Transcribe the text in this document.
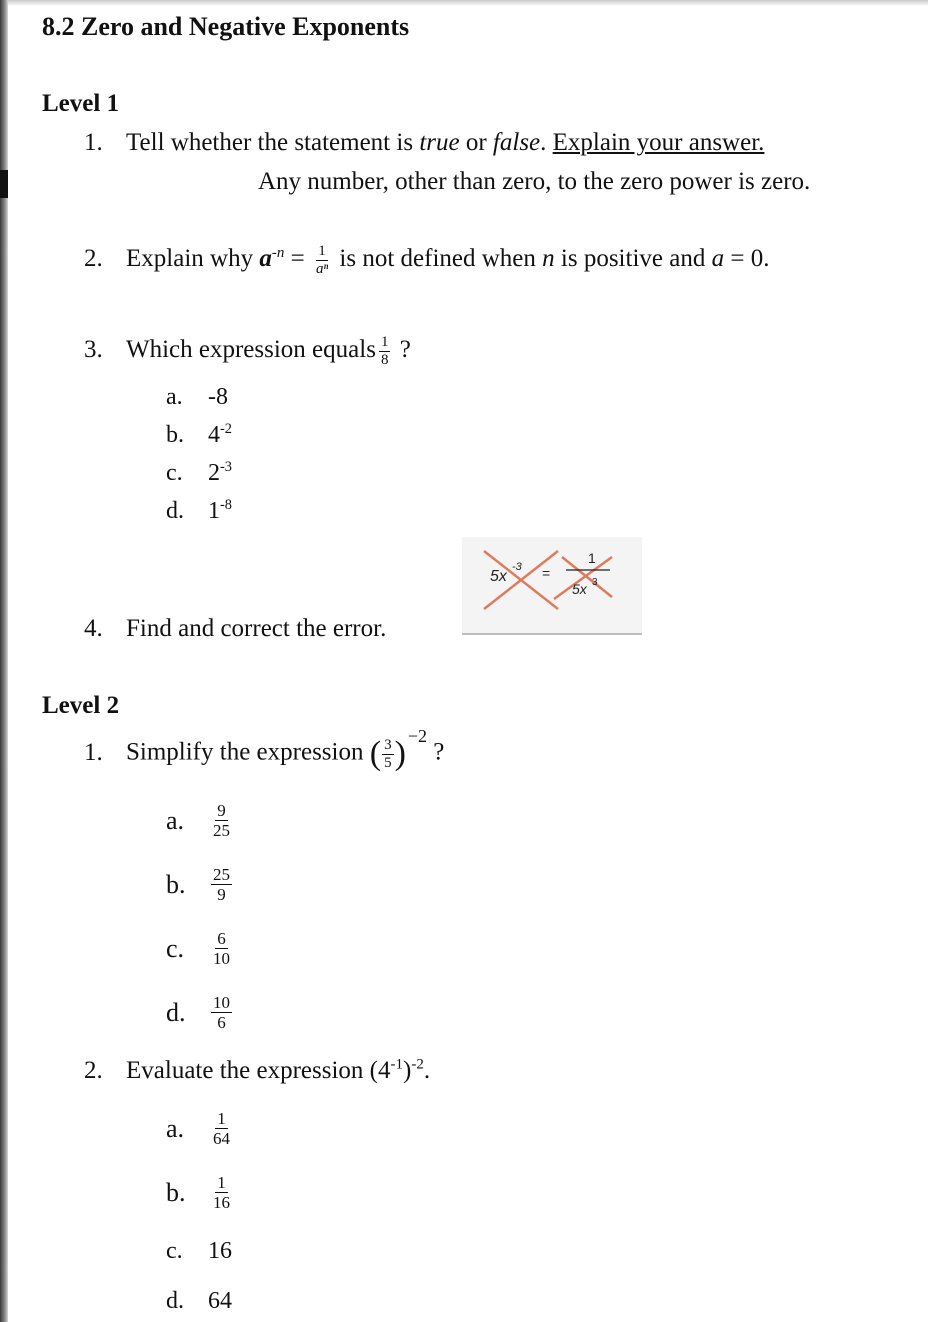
8.2 Zero and Negative Exponents
Level 1
1. Tell whether the statement is true or false. Explain your answer.
Any number, other than zero, to the zero power is zero.
2. Explain why $a^{-n} = \frac{1}{\text{aⁿ}}$ is not defined when n is positive and a = 0.
3. Which expression equals $\frac{1}{8}$ ?
a. -8
b. $4^{-2}$
c. $2^{-3}$
d. $1^{-8}$
5x
-3 =
1
5x 3
4. Find and correct the error.
Level 2
1. Simplify the expression ( $\frac{3}{5}$ ) $^{-2}$ ?
a. $\frac{9}{25}$
b. $\frac{25}{9}$
c. $\frac{6}{10}$
d. $\frac{10}{6}$
2. Evaluate the expression $(4^{-1})^{-2}$.
a. $\frac{1}{64}$
b. $\frac{1}{16}$
c. 16
d. 64
